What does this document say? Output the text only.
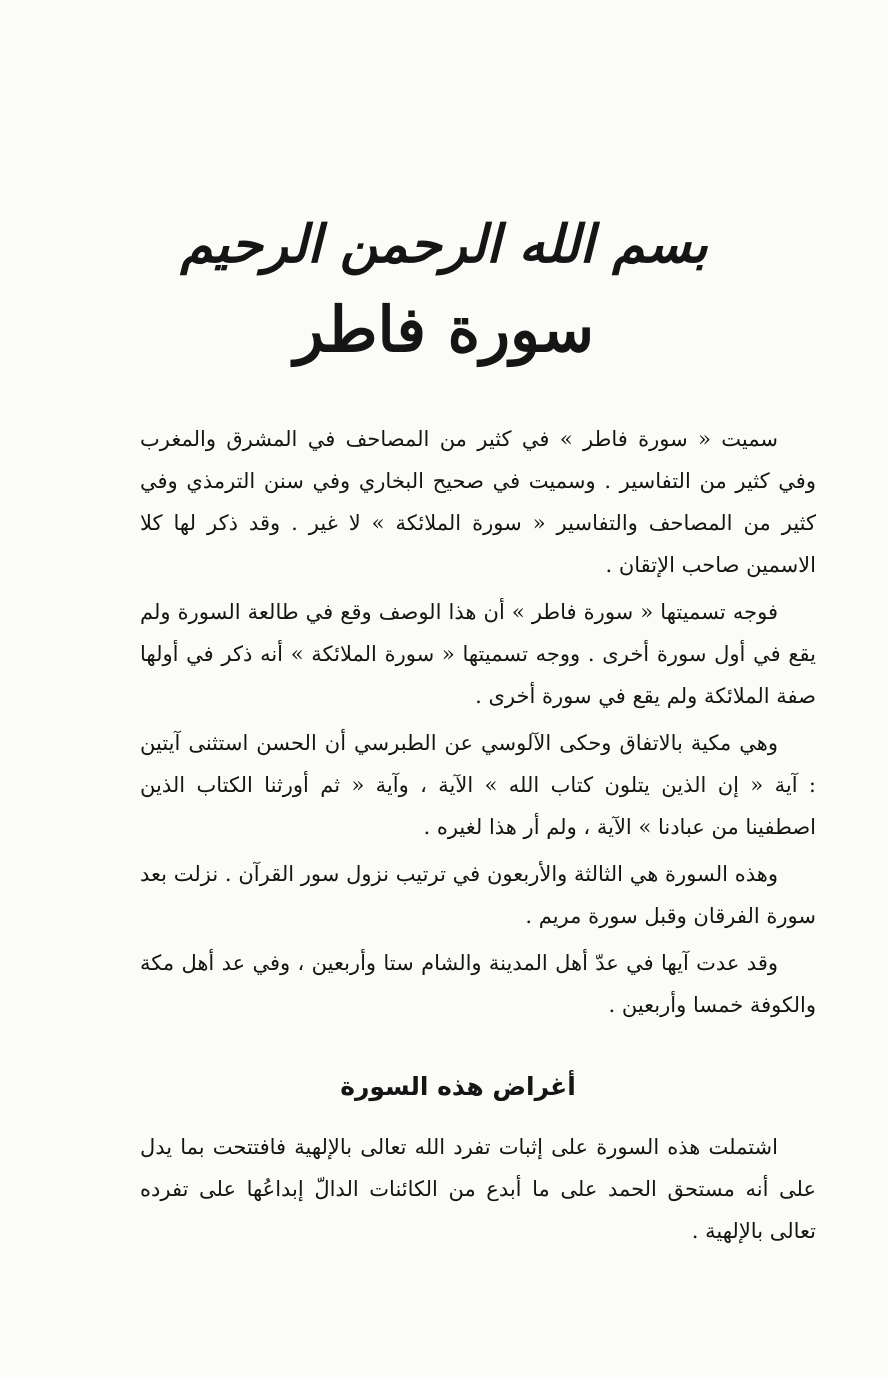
بسم الله الرحمن الرحيم
سورة فاطر

سميت « سورة فاطر » في كثير من المصاحف في المشرق والمغرب وفي كثير من التفاسير . وسميت في صحيح البخاري وفي سنن الترمذي وفي كثير من المصاحف والتفاسير « سورة الملائكة » لا غير . وقد ذكر لها كلا الاسمين صاحب الإتقان .

فوجه تسميتها « سورة فاطر » أن هذا الوصف وقع في طالعة السورة ولم يقع في أول سورة أخرى . ووجه تسميتها « سورة الملائكة » أنه ذكر في أولها صفة الملائكة ولم يقع في سورة أخرى .

وهي مكية بالاتفاق وحكى الآلوسي عن الطبرسي أن الحسن استثنى آيتين : آية « إن الذين يتلون كتاب الله » الآية ، وآية « ثم أورثنا الكتاب الذين اصطفينا من عبادنا » الآية ، ولم أر هذا لغيره .

وهذه السورة هي الثالثة والأربعون في ترتيب نزول سور القرآن . نزلت بعد سورة الفرقان وقبل سورة مريم .

وقد عدت آيها في عدّ أهل المدينة والشام ستا وأربعين ، وفي عد أهل مكة والكوفة خمسا وأربعين .

أغراض هذه السورة

اشتملت هذه السورة على إثبات تفرد الله تعالى بالإلهية فافتتحت بما يدل على أنه مستحق الحمد على ما أبدع من الكائنات الدالّ إبداعُها على تفرده تعالى بالإلهية .
